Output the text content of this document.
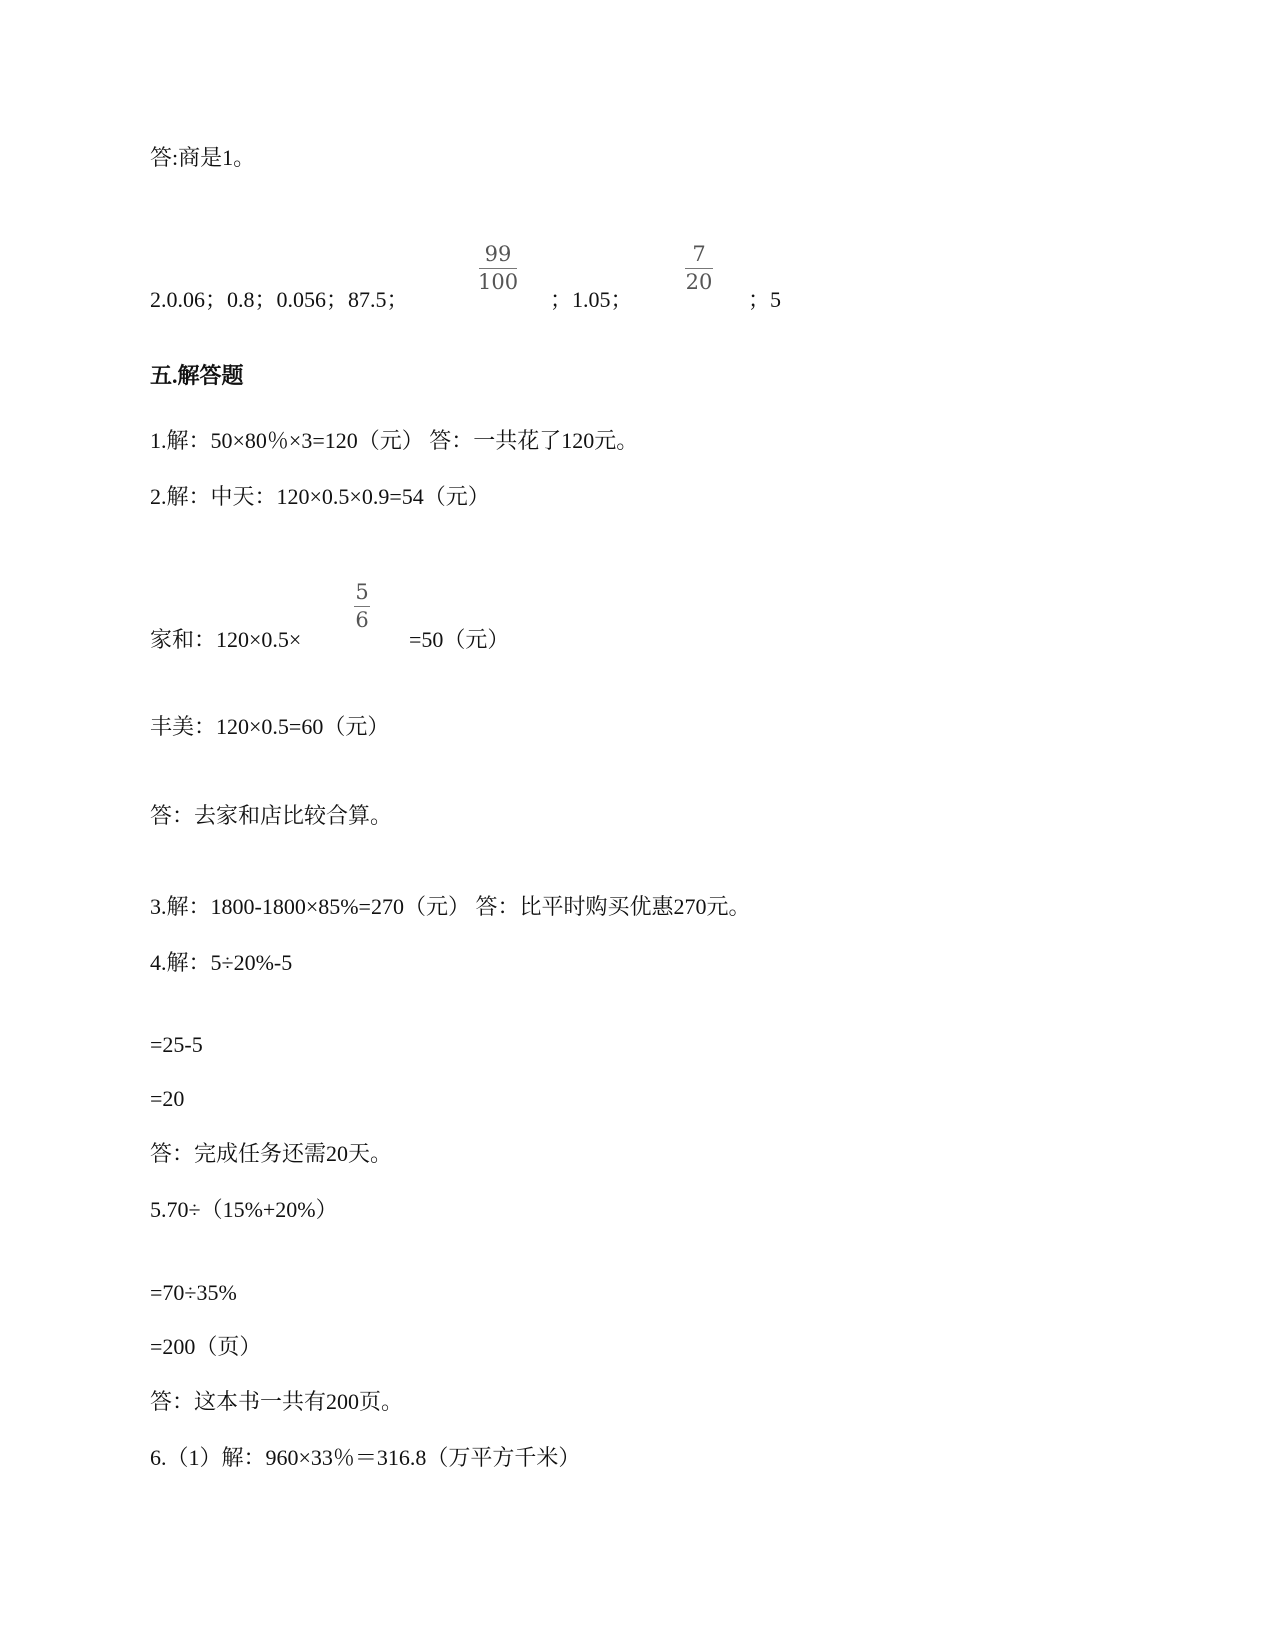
答:商是1。
2.0.06；0.8；0.056；87.5；
99
100
；1.05；
7
20
；5
五.解答题
1.解：50×80％×3=120（元） 答：一共花了120元。
2.解：中天：120×0.5×0.9=54（元）
家和：120×0.5×
5
6
=50（元）
丰美：120×0.5=60（元）
答：去家和店比较合算。
3.解：1800-1800×85%=270（元） 答：比平时购买优惠270元。
4.解：5÷20%-5
=25-5
=20
答：完成任务还需20天。
5.70÷（15%+20%）
=70÷35%
=200（页）
答：这本书一共有200页。
6.（1）解：960×33％＝316.8（万平方千米）
